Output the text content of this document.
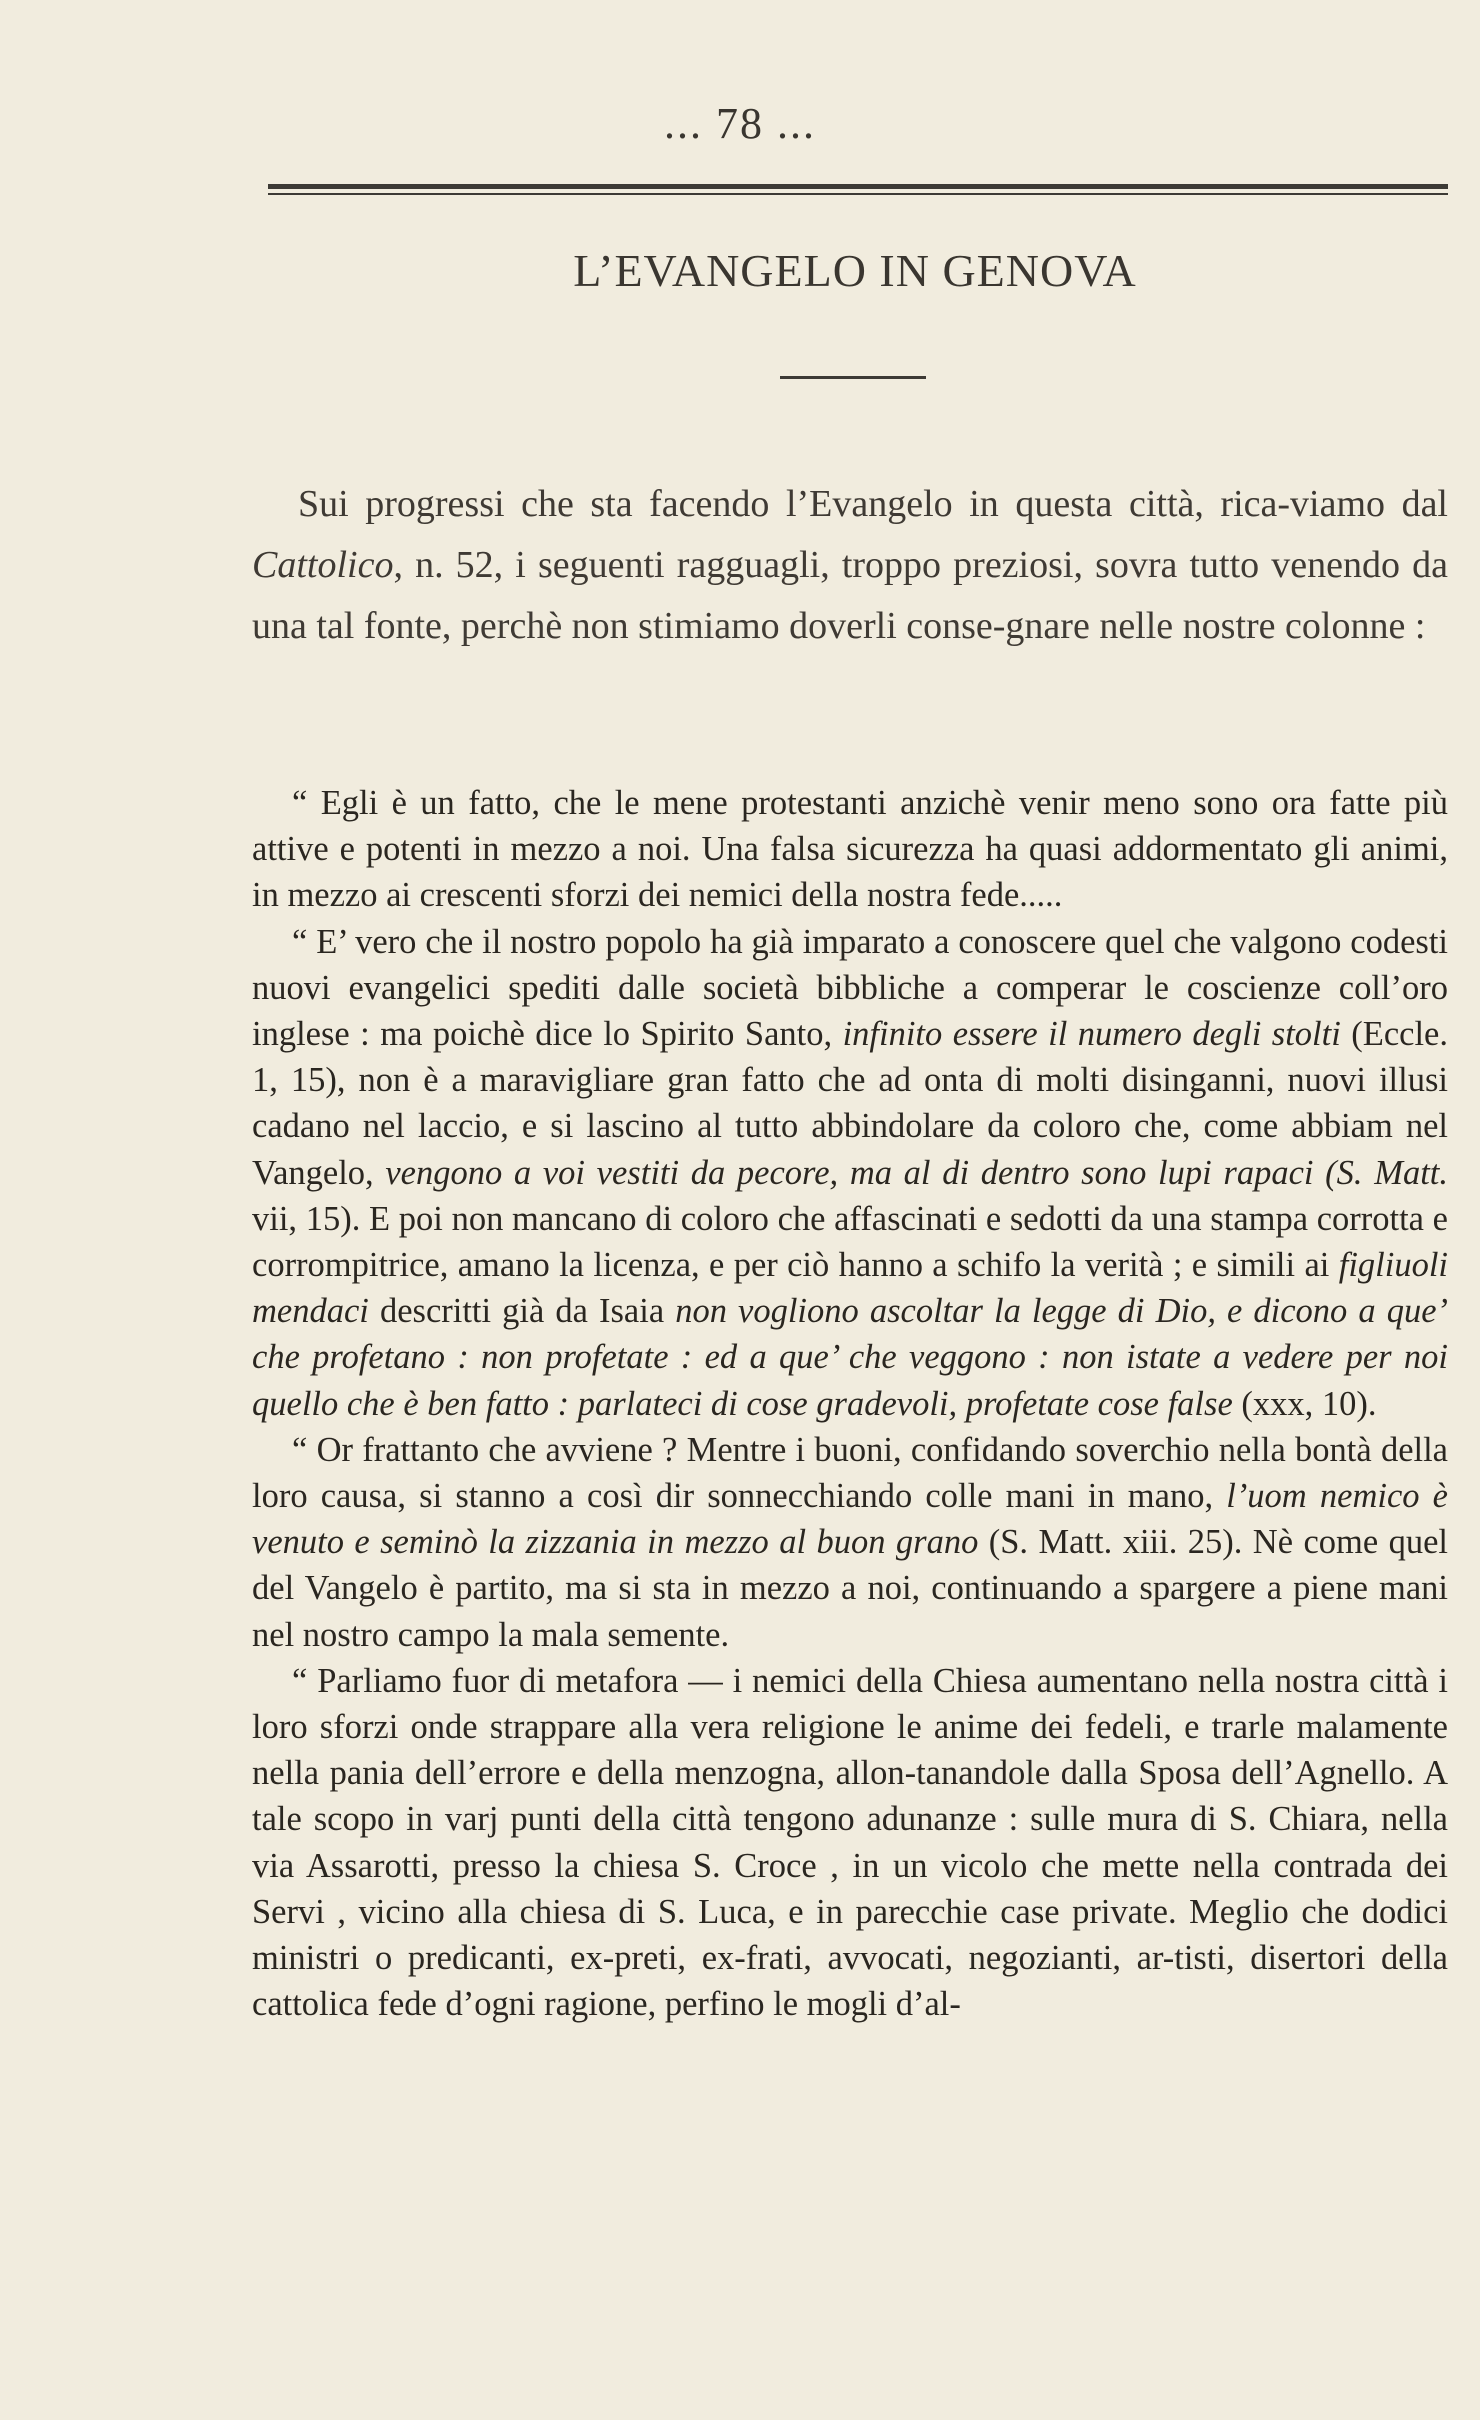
... 78 ...
L’EVANGELO IN GENOVA

Sui progressi che sta facendo l’Evangelo in questa città, rica-viamo dal Cattolico, n. 52, i seguenti ragguagli, troppo preziosi, sovra tutto venendo da una tal fonte, perchè non stimiamo doverli conse-gnare nelle nostre colonne :

“ Egli è un fatto, che le mene protestanti anzichè venir meno sono ora fatte più attive e potenti in mezzo a noi. Una falsa sicurezza ha quasi addormentato gli animi, in mezzo ai crescenti sforzi dei nemici della nostra fede.....

“ E’ vero che il nostro popolo ha già imparato a conoscere quel che valgono codesti nuovi evangelici spediti dalle società bibbliche a comperar le coscienze coll’oro inglese : ma poichè dice lo Spirito Santo, infinito essere il numero degli stolti (Eccle. 1, 15), non è a maravigliare gran fatto che ad onta di molti disinganni, nuovi illusi cadano nel laccio, e si lascino al tutto abbindolare da coloro che, come abbiam nel Vangelo, vengono a voi vestiti da pecore, ma al di dentro sono lupi rapaci (S. Matt. vii, 15). E poi non mancano di coloro che affascinati e sedotti da una stampa corrotta e corrompitrice, amano la licenza, e per ciò hanno a schifo la verità ; e simili ai figliuoli mendaci descritti già da Isaia non vogliono ascoltar la legge di Dio, e dicono a que’ che profetano : non profetate : ed a que’ che veggono : non istate a vedere per noi quello che è ben fatto : parlateci di cose gradevoli, profetate cose false (xxx, 10).

“ Or frattanto che avviene ? Mentre i buoni, confidando soverchio nella bontà della loro causa, si stanno a così dir sonnecchiando colle mani in mano, l’uom nemico è venuto e seminò la zizzania in mezzo al buon grano (S. Matt. xiii. 25). Nè come quel del Vangelo è partito, ma si sta in mezzo a noi, continuando a spargere a piene mani nel nostro campo la mala semente.

“ Parliamo fuor di metafora — i nemici della Chiesa aumentano nella nostra città i loro sforzi onde strappare alla vera religione le anime dei fedeli, e trarle malamente nella pania dell’errore e della menzogna, allon-tanandole dalla Sposa dell’Agnello. A tale scopo in varj punti della città tengono adunanze : sulle mura di S. Chiara, nella via Assarotti, presso la chiesa S. Croce , in un vicolo che mette nella contrada dei Servi , vicino alla chiesa di S. Luca, e in parecchie case private. Meglio che dodici ministri o predicanti, ex-preti, ex-frati, avvocati, negozianti, ar-tisti, disertori della cattolica fede d’ogni ragione, perfino le mogli d’al-
